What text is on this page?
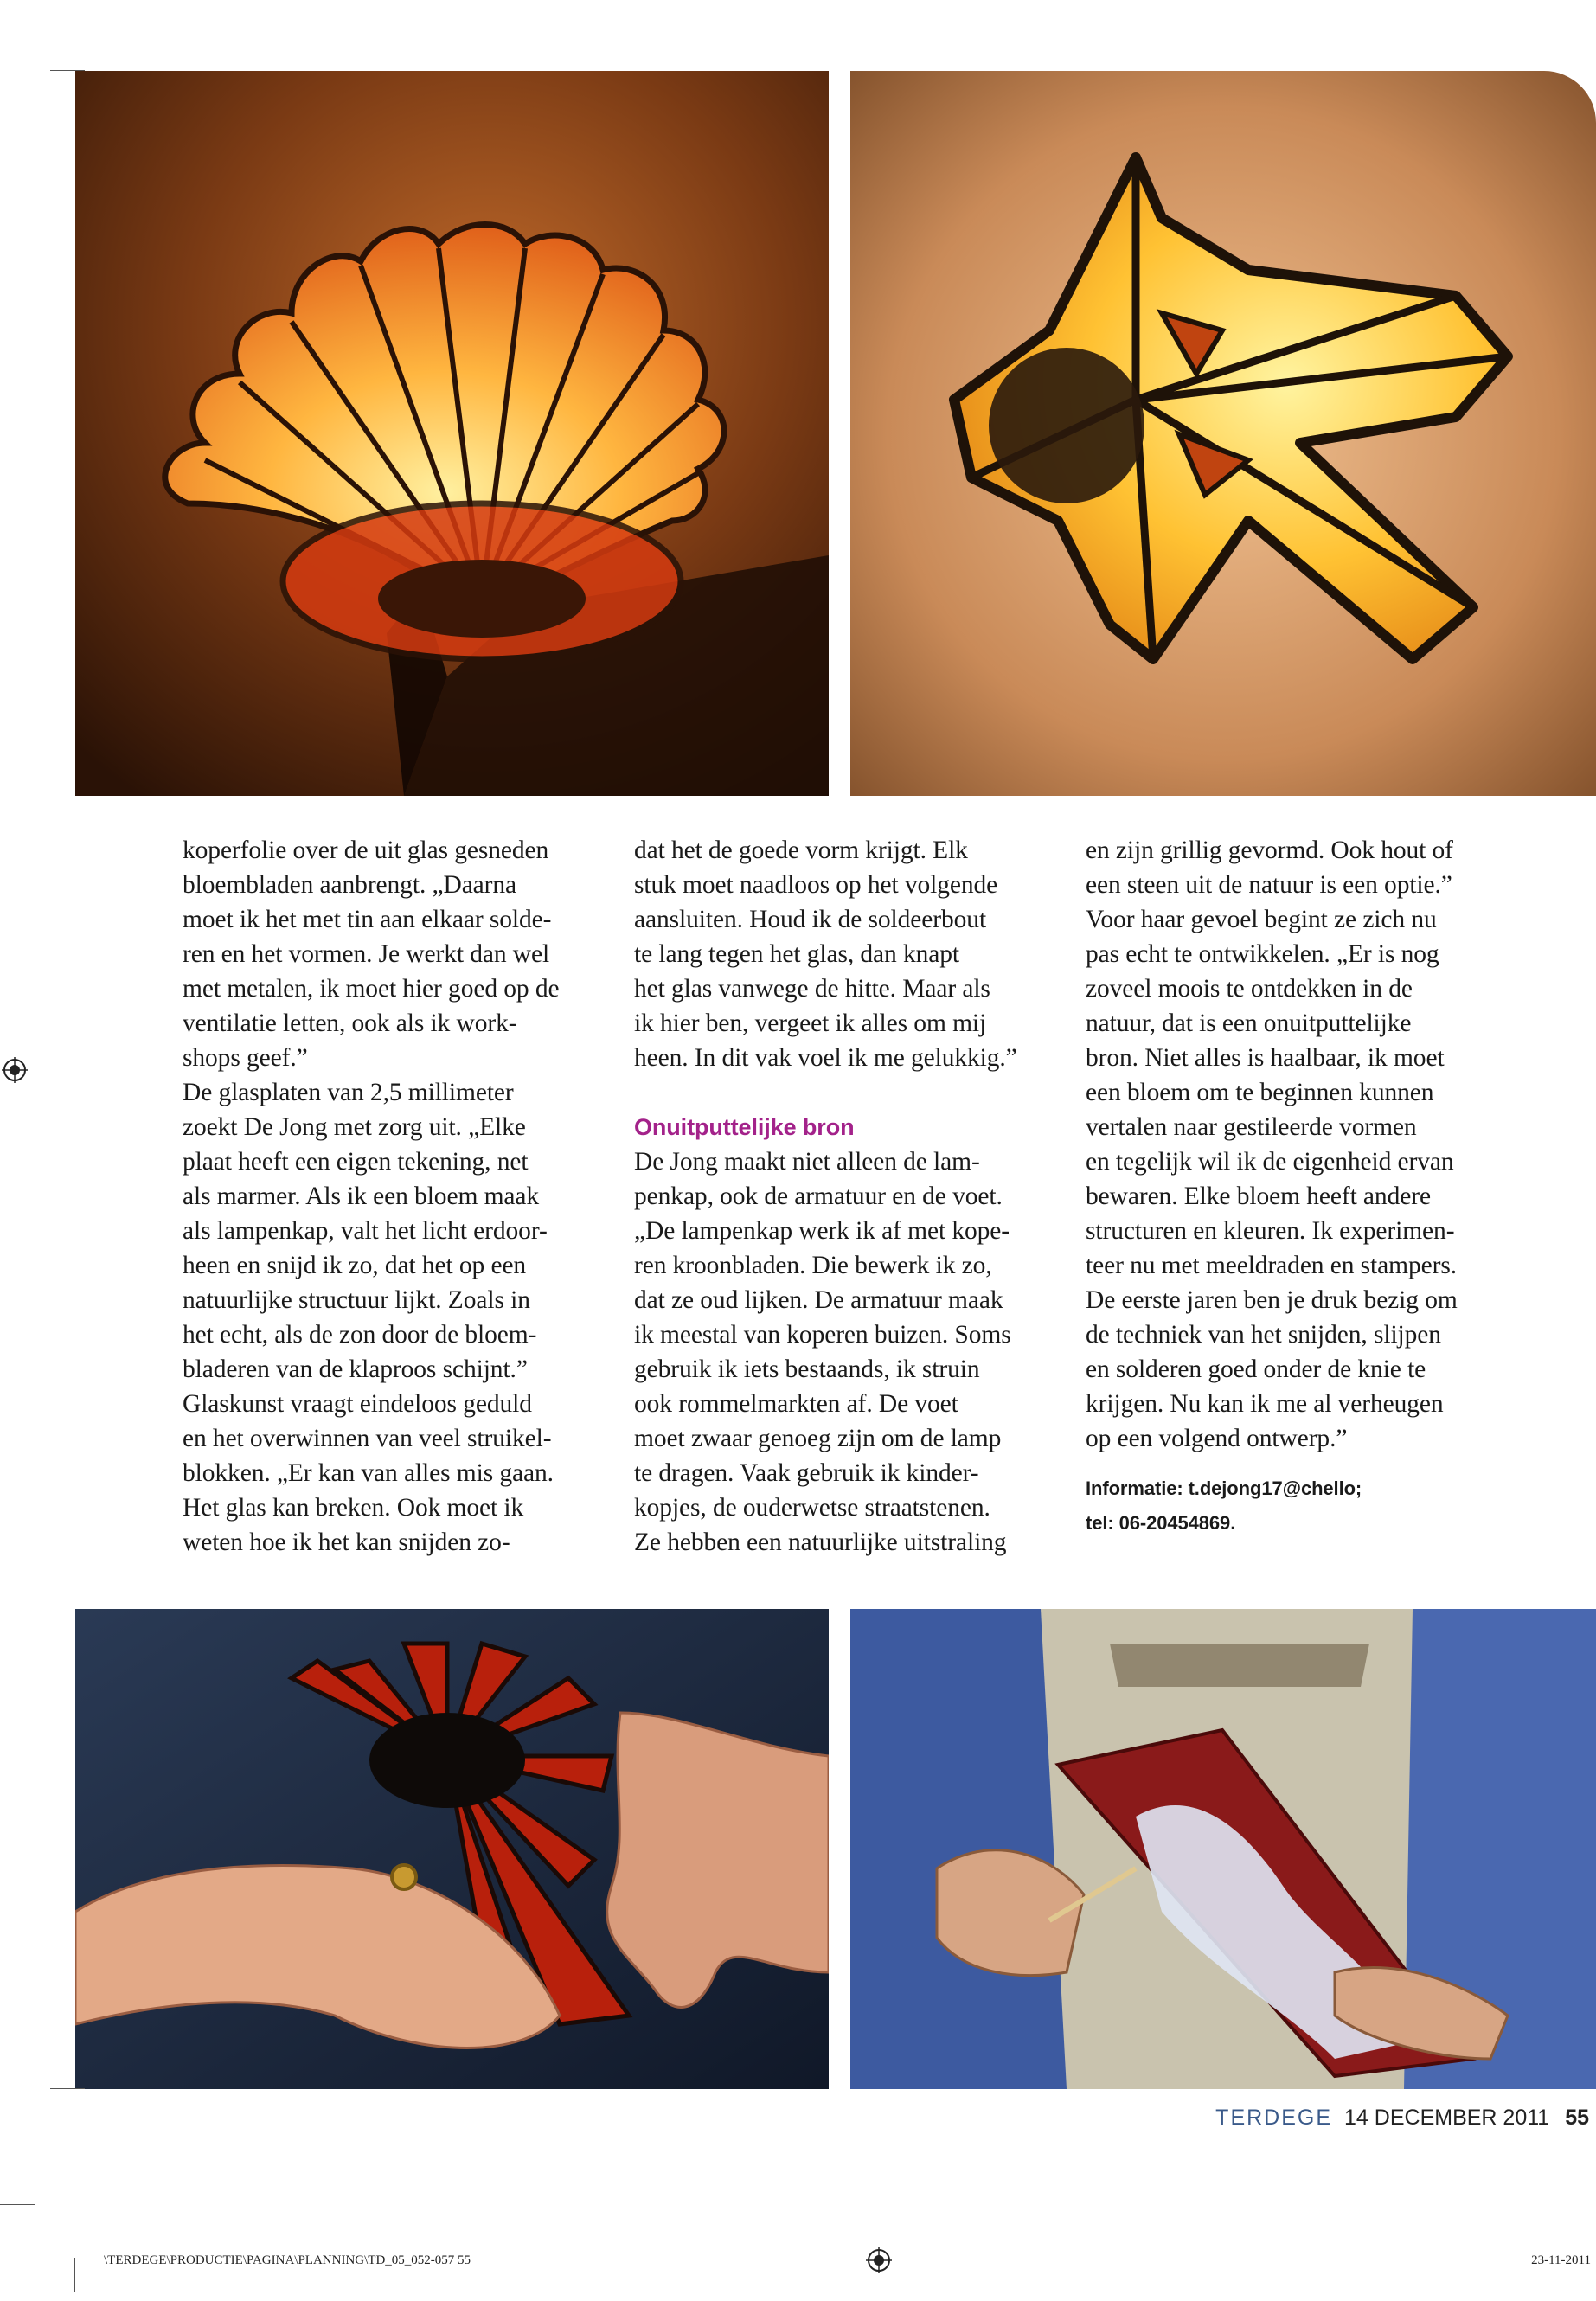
koperfolie over de uit glas gesneden
bloembladen aanbrengt. „Daarna
moet ik het met tin aan elkaar solde-
ren en het vormen. Je werkt dan wel
met metalen, ik moet hier goed op de
ventilatie letten, ook als ik work-
shops geef.”
De glasplaten van 2,5 millimeter
zoekt De Jong met zorg uit. „Elke
plaat heeft een eigen tekening, net
als marmer. Als ik een bloem maak
als lampenkap, valt het licht erdoor-
heen en snijd ik zo, dat het op een
natuurlijke structuur lijkt. Zoals in
het echt, als de zon door de bloem-
bladeren van de klaproos schijnt.”
Glaskunst vraagt eindeloos geduld
en het overwinnen van veel struikel-
blokken. „Er kan van alles mis gaan.
Het glas kan breken. Ook moet ik
weten hoe ik het kan snijden zo-

dat het de goede vorm krijgt. Elk
stuk moet naadloos op het volgende
aansluiten. Houd ik de soldeerbout
te lang tegen het glas, dan knapt
het glas vanwege de hitte. Maar als
ik hier ben, vergeet ik alles om mij
heen. In dit vak voel ik me gelukkig.”

Onuitputtelijke bron

De Jong maakt niet alleen de lam-
penkap, ook de armatuur en de voet.
„De lampenkap werk ik af met kope-
ren kroonbladen. Die bewerk ik zo,
dat ze oud lijken. De armatuur maak
ik meestal van koperen buizen. Soms
gebruik ik iets bestaands, ik struin
ook rommelmarkten af. De voet
moet zwaar genoeg zijn om de lamp
te dragen. Vaak gebruik ik kinder-
kopjes, de ouderwetse straatstenen.
Ze hebben een natuurlijke uitstraling

en zijn grillig gevormd. Ook hout of
een steen uit de natuur is een optie.”
Voor haar gevoel begint ze zich nu
pas echt te ontwikkelen. „Er is nog
zoveel moois te ontdekken in de
natuur, dat is een onuitputtelijke
bron. Niet alles is haalbaar, ik moet
een bloem om te beginnen kunnen
vertalen naar gestileerde vormen
en tegelijk wil ik de eigenheid ervan
bewaren. Elke bloem heeft andere
structuren en kleuren. Ik experimen-
teer nu met meeldraden en stampers.
De eerste jaren ben je druk bezig om
de techniek van het snijden, slijpen
en solderen goed onder de knie te
krijgen. Nu kan ik me al verheugen
op een volgend ontwerp.”

Informatie: t.dejong17@chello;
tel: 06-20454869.
TERDEGE 14 DECEMBER 2011 55
\TERDEGE\PRODUCTIE\PAGINA\PLANNING\TD_05_052-057 55	23-11-2011
